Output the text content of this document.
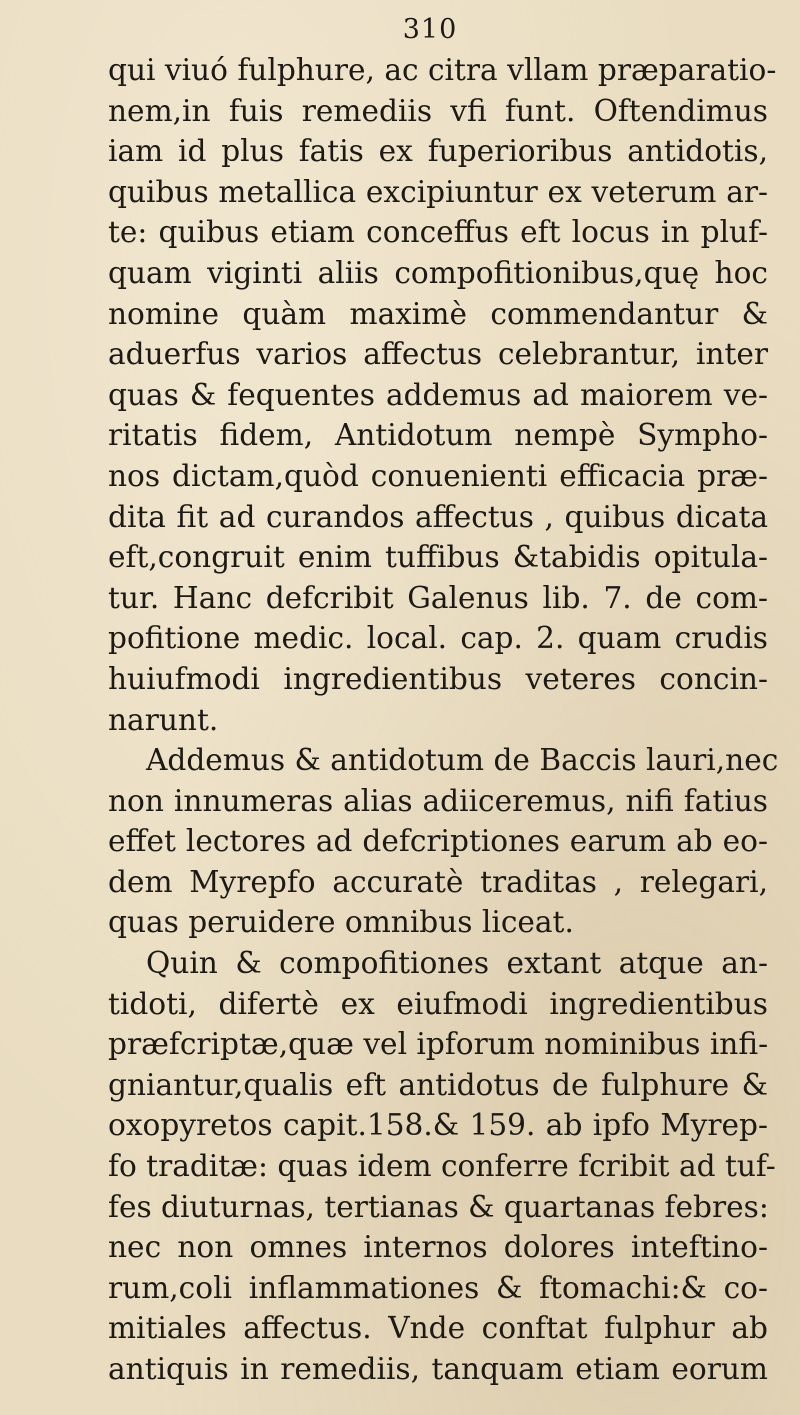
310
qui viuó fulphure, ac citra vllam præparatio-
nem,in fuis remediis vfi funt. Oftendimus
iam id plus fatis ex fuperioribus antidotis,
quibus metallica excipiuntur ex veterum ar-
te: quibus etiam conceffus eft locus in pluf-
quam viginti aliis compofitionibus,quę hoc
nomine quàm maximè commendantur &
aduerfus varios affectus celebrantur, inter
quas & fequentes addemus ad maiorem ve-
ritatis fidem, Antidotum nempè Sympho-
nos dictam,quòd conuenienti efficacia præ-
dita fit ad curandos affectus , quibus dicata
eft,congruit enim tuffibus &tabidis opitula-
tur. Hanc defcribit Galenus lib. 7. de com-
pofitione medic. local. cap. 2. quam crudis
huiufmodi ingredientibus veteres concin-
narunt.
Addemus & antidotum de Baccis lauri,nec
non innumeras alias adiiceremus, nifi fatius
effet lectores ad defcriptiones earum ab eo-
dem Myrepfo accuratè traditas , relegari,
quas peruidere omnibus liceat.
Quin & compofitiones extant atque an-
tidoti, difertè ex eiufmodi ingredientibus
præfcriptæ,quæ vel ipforum nominibus infi-
gniantur,qualis eft antidotus de fulphure &
oxopyretos capit.158.& 159. ab ipfo Myrep-
fo traditæ: quas idem conferre fcribit ad tuf-
fes diuturnas, tertianas & quartanas febres:
nec non omnes internos dolores inteftino-
rum,coli inflammationes & ftomachi:& co-
mitiales affectus. Vnde conftat fulphur ab
antiquis in remediis, tanquam etiam eorum
